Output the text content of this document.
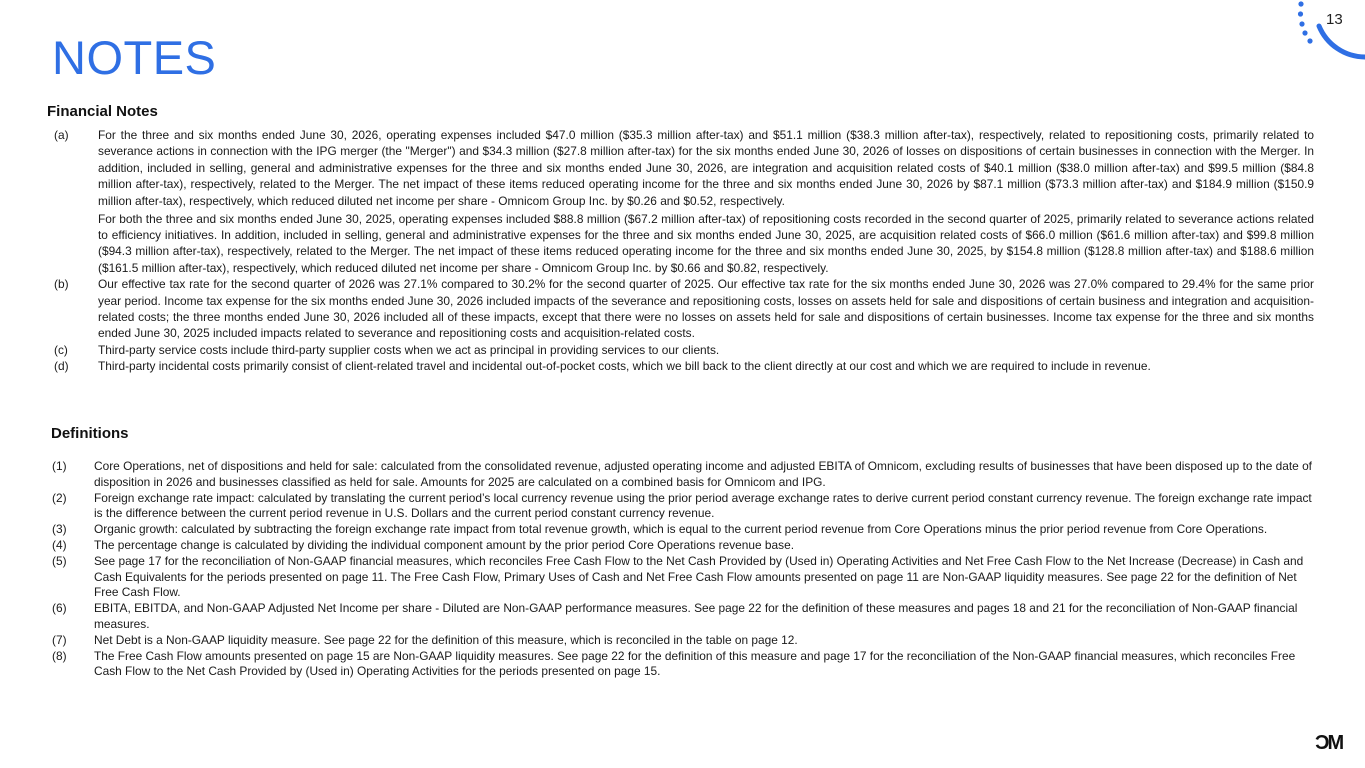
NOTES
13
Financial Notes
(a)	For the three and six months ended June 30, 2026, operating expenses included $47.0 million ($35.3 million after-tax) and $51.1 million ($38.3 million after-tax), respectively, related to repositioning costs, primarily related to severance actions in connection with the IPG merger (the "Merger") and $34.3 million ($27.8 million after-tax) for the six months ended June 30, 2026 of losses on dispositions of certain businesses in connection with the Merger. In addition, included in selling, general and administrative expenses for the three and six months ended June 30, 2026, are integration and acquisition related costs of $40.1 million ($38.0 million after-tax) and $99.5 million ($84.8 million after-tax), respectively, related to the Merger. The net impact of these items reduced operating income for the three and six months ended June 30, 2026 by $87.1 million ($73.3 million after-tax) and $184.9 million ($150.9 million after-tax), respectively, which reduced diluted net income per share - Omnicom Group Inc. by $0.26 and $0.52, respectively.

For both the three and six months ended June 30, 2025, operating expenses included $88.8 million ($67.2 million after-tax) of repositioning costs recorded in the second quarter of 2025, primarily related to severance actions related to efficiency initiatives. In addition, included in selling, general and administrative expenses for the three and six months ended June 30, 2025, are acquisition related costs of $66.0 million ($61.6 million after-tax) and $99.8 million ($94.3 million after-tax), respectively, related to the Merger. The net impact of these items reduced operating income for the three and six months ended June 30, 2025, by $154.8 million ($128.8 million after-tax) and $188.6 million ($161.5 million after-tax), respectively, which reduced diluted net income per share - Omnicom Group Inc. by $0.66 and $0.82, respectively.

(b)	Our effective tax rate for the second quarter of 2026 was 27.1% compared to 30.2% for the second quarter of 2025. Our effective tax rate for the six months ended June 30, 2026 was 27.0% compared to 29.4% for the same prior year period. Income tax expense for the six months ended June 30, 2026 included impacts of the severance and repositioning costs, losses on assets held for sale and dispositions of certain business and integration and acquisition-related costs; the three months ended June 30, 2026 included all of these impacts, except that there were no losses on assets held for sale and dispositions of certain businesses. Income tax expense for the three and six months ended June 30, 2025 included impacts related to severance and repositioning costs and acquisition-related costs.

(c)	Third-party service costs include third-party supplier costs when we act as principal in providing services to our clients.

(d)	Third-party incidental costs primarily consist of client-related travel and incidental out-of-pocket costs, which we bill back to the client directly at our cost and which we are required to include in revenue.

Definitions
(1)	Core Operations, net of dispositions and held for sale: calculated from the consolidated revenue, adjusted operating income and adjusted EBITA of Omnicom, excluding results of businesses that have been disposed up to the date of disposition in 2026 and businesses classified as held for sale. Amounts for 2025 are calculated on a combined basis for Omnicom and IPG.
(2)	Foreign exchange rate impact: calculated by translating the current period’s local currency revenue using the prior period average exchange rates to derive current period constant currency revenue. The foreign exchange rate impact is the difference between the current period revenue in U.S. Dollars and the current period constant currency revenue.
(3)	Organic growth: calculated by subtracting the foreign exchange rate impact from total revenue growth, which is equal to the current period revenue from Core Operations minus the prior period revenue from Core Operations.
(4)	The percentage change is calculated by dividing the individual component amount by the prior period Core Operations revenue base.
(5)	See page 17 for the reconciliation of Non-GAAP financial measures, which reconciles Free Cash Flow to the Net Cash Provided by (Used in) Operating Activities and Net Free Cash Flow to the Net Increase (Decrease) in Cash and Cash Equivalents for the periods presented on page 11. The Free Cash Flow, Primary Uses of Cash and Net Free Cash Flow amounts presented on page 11 are Non-GAAP liquidity measures. See page 22 for the definition of Net Free Cash Flow.
(6)	EBITA, EBITDA, and Non-GAAP Adjusted Net Income per share - Diluted are Non-GAAP performance measures. See page 22 for the definition of these measures and pages 18 and 21 for the reconciliation of Non-GAAP financial measures.
(7)	Net Debt is a Non-GAAP liquidity measure. See page 22 for the definition of this measure, which is reconciled in the table on page 12.
(8)	The Free Cash Flow amounts presented on page 15 are Non-GAAP liquidity measures. See page 22 for the definition of this measure and page 17 for the reconciliation of the Non-GAAP financial measures, which reconciles Free Cash Flow to the Net Cash Provided by (Used in) Operating Activities for the periods presented on page 15.
ƆM
